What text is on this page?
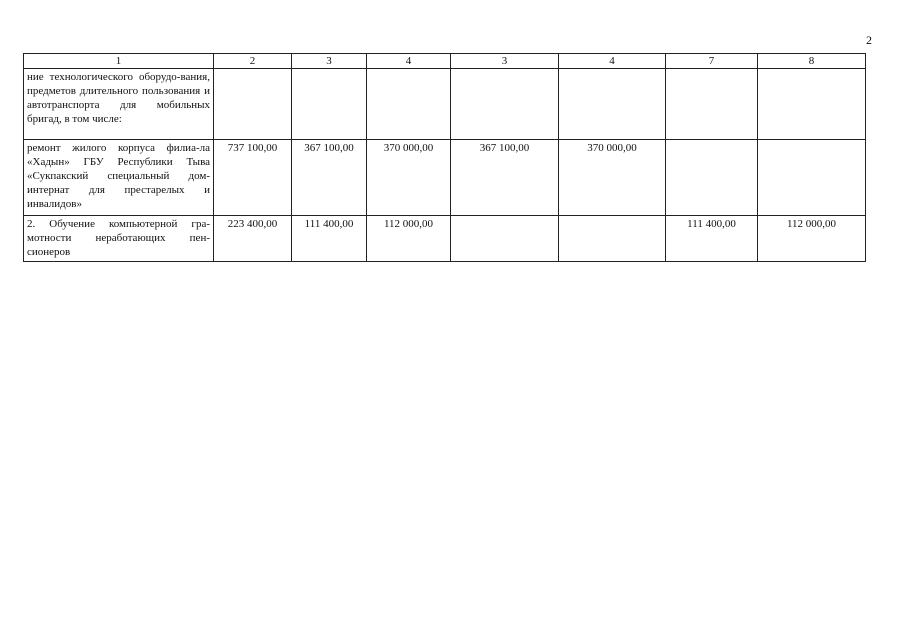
2
1	2	3	4	3	4	7	8
ние технологического оборудо-вания, предметов длительного пользования и автотранспорта для мобильных бригад, в том числе:							
ремонт жилого корпуса филиа-ла «Хадын» ГБУ Республики Тыва «Сукпакский специальный дом-интернат для престарелых и инвалидов»	737 100,00	367 100,00	370 000,00	367 100,00	370 000,00		
2. Обучение компьютерной гра-мотности неработающих пен-сионеров	223 400,00	111 400,00	112 000,00			111 400,00	112 000,00
